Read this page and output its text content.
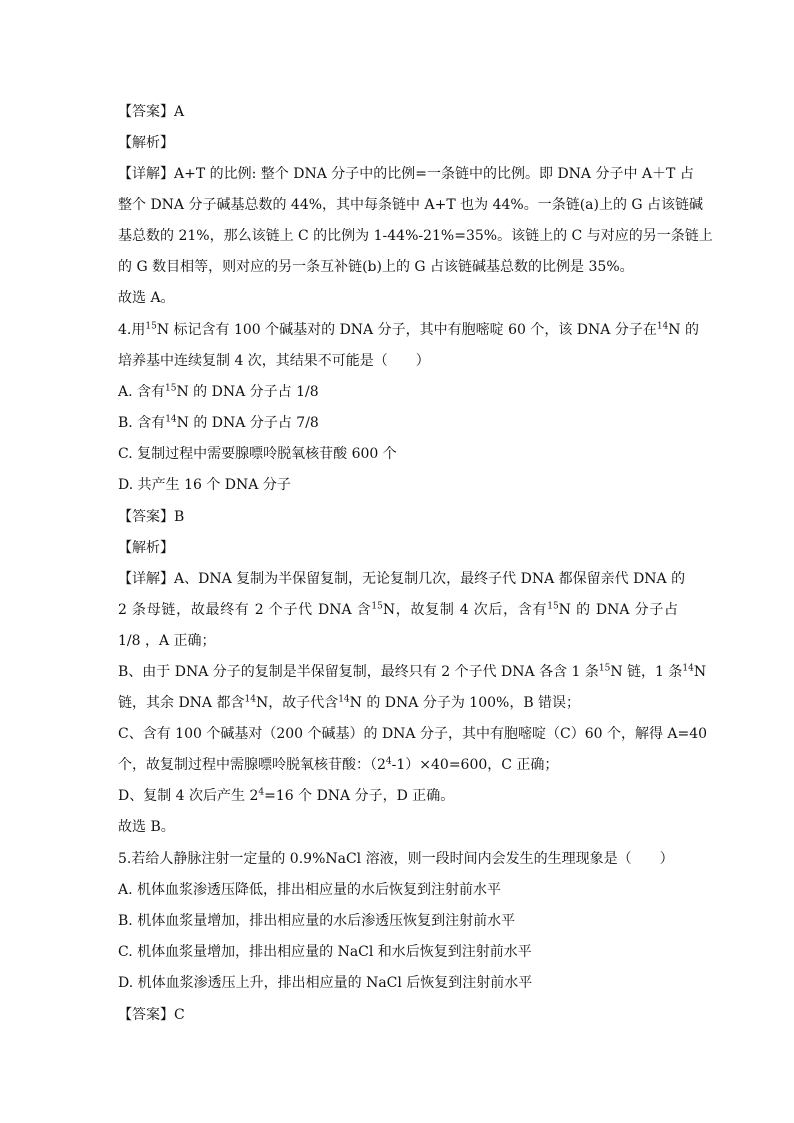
【答案】A
【解析】
【详解】A+T 的比例: 整个 DNA 分子中的比例=一条链中的比例。即 DNA 分子中 A＋T 占
整个 DNA 分子碱基总数的 44%，其中每条链中 A+T 也为 44%。一条链(a)上的 G 占该链碱
基总数的 21%，那么该链上 C 的比例为 1-44%-21%=35%。该链上的 C 与对应的另一条链上
的 G 数目相等，则对应的另一条互补链(b)上的 G 占该链碱基总数的比例是 35%。
故选 A。
4.用$^{15}$N 标记含有 100 个碱基对的 DNA 分子，其中有胞嘧啶 60 个，该 DNA 分子在$^{14}$N 的
培养基中连续复制 4 次，其结果不可能是（　　）
A. 含有$^{15}$N 的 DNA 分子占 1/8
B. 含有$^{14}$N 的 DNA 分子占 7/8
C. 复制过程中需要腺嘌呤脱氧核苷酸 600 个
D. 共产生 16 个 DNA 分子
【答案】B
【解析】
【详解】A、DNA 复制为半保留复制，无论复制几次，最终子代 DNA 都保留亲代 DNA 的
2 条母链，故最终有 2 个子代 DNA 含$^{15}$N，故复制 4 次后，含有$^{15}$N 的 DNA 分子占
1/8 ，A 正确；
B、由于 DNA 分子的复制是半保留复制，最终只有 2 个子代 DNA 各含 1 条$^{15}$N 链，1 条$^{14}$N
链，其余 DNA 都含$^{14}$N，故子代含$^{14}$N 的 DNA 分子为 100%，B 错误；
C、含有 100 个碱基对（200 个碱基）的 DNA 分子，其中有胞嘧啶（C）60 个，解得 A=40
个，故复制过程中需腺嘌呤脱氧核苷酸：$(2^4-1)\times 40=600$，C 正确；
D、复制 4 次后产生 $2^4=16$ 个 DNA 分子，D 正确。
故选 B。
5.若给人静脉注射一定量的 0.9%NaCl 溶液，则一段时间内会发生的生理现象是（　　）
A. 机体血浆渗透压降低，排出相应量的水后恢复到注射前水平
B. 机体血浆量增加，排出相应量的水后渗透压恢复到注射前水平
C. 机体血浆量增加，排出相应量的 NaCl 和水后恢复到注射前水平
D. 机体血浆渗透压上升，排出相应量的 NaCl 后恢复到注射前水平
【答案】C
